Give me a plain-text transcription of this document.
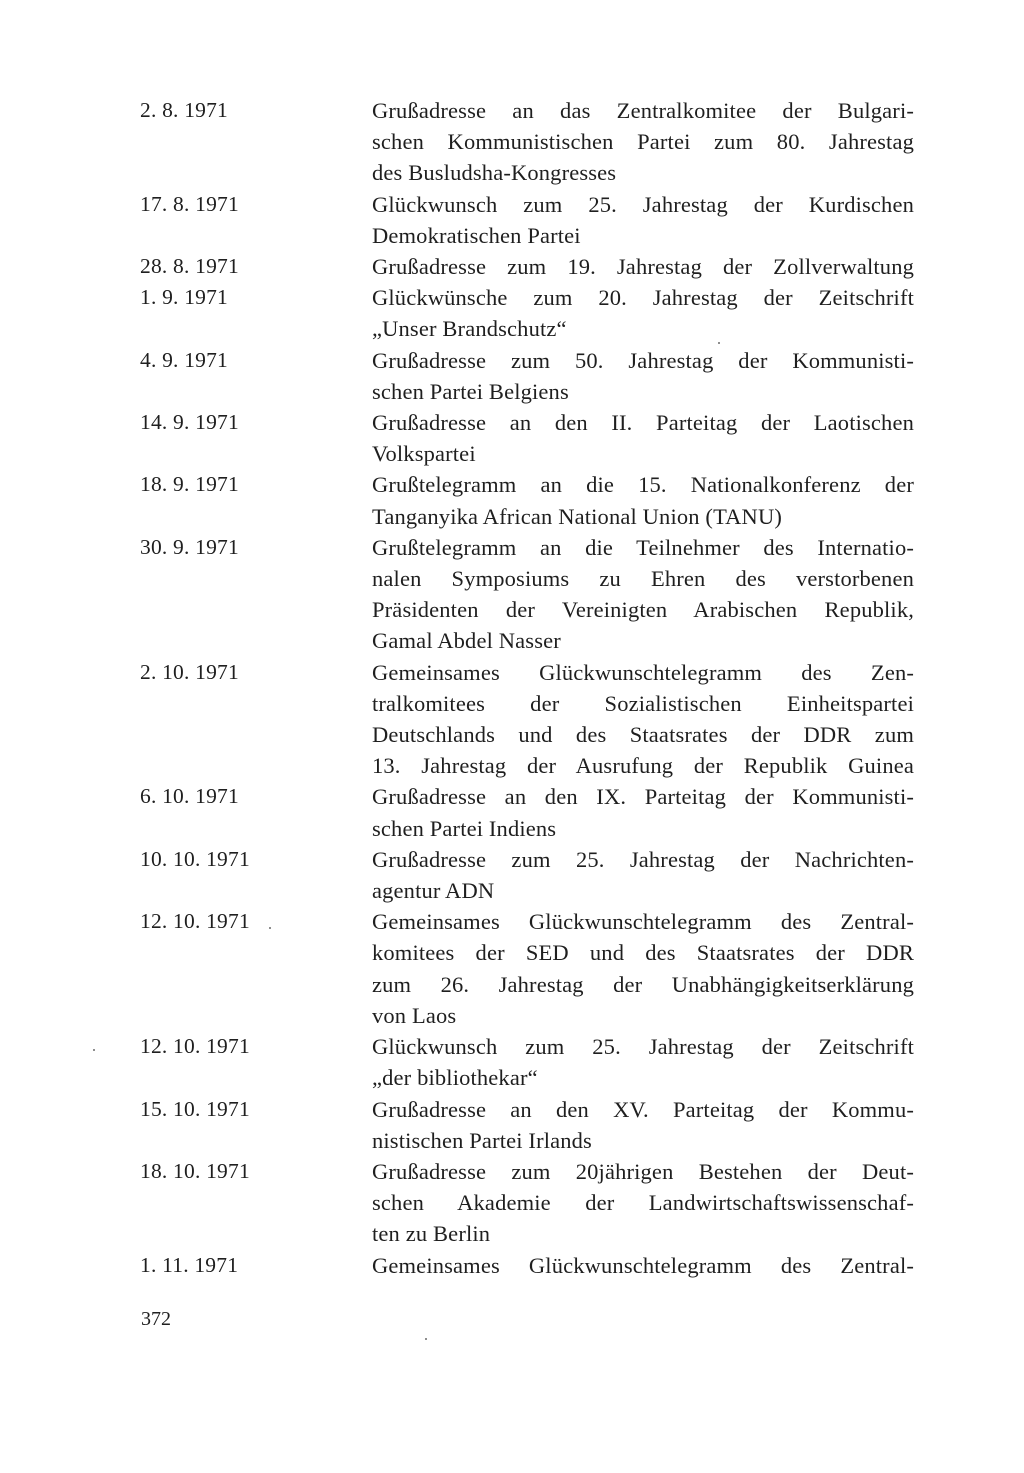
2. 8. 1971	Grußadresse an das Zentralkomitee der Bulgari-
schen Kommunistischen Partei zum 80. Jahrestag
des Busludsha-Kongresses
17. 8. 1971	Glückwunsch zum 25. Jahrestag der Kurdischen
Demokratischen Partei
28. 8. 1971	Grußadresse zum 19. Jahrestag der Zollverwaltung
1. 9. 1971	Glückwünsche zum 20. Jahrestag der Zeitschrift
„Unser Brandschutz“
4. 9. 1971	Grußadresse zum 50. Jahrestag der Kommunisti-
schen Partei Belgiens
14. 9. 1971	Grußadresse an den II. Parteitag der Laotischen
Volkspartei
18. 9. 1971	Grußtelegramm an die 15. Nationalkonferenz der
Tanganyika African National Union (TANU)
30. 9. 1971	Grußtelegramm an die Teilnehmer des Internatio-
nalen Symposiums zu Ehren des verstorbenen
Präsidenten der Vereinigten Arabischen Republik,
Gamal Abdel Nasser
2. 10. 1971	Gemeinsames Glückwunschtelegramm des Zen-
tralkomitees der Sozialistischen Einheitspartei
Deutschlands und des Staatsrates der DDR zum
13. Jahrestag der Ausrufung der Republik Guinea
6. 10. 1971	Grußadresse an den IX. Parteitag der Kommunisti-
schen Partei Indiens
10. 10. 1971	Grußadresse zum 25. Jahrestag der Nachrichten-
agentur ADN
12. 10. 1971	Gemeinsames Glückwunschtelegramm des Zentral-
komitees der SED und des Staatsrates der DDR
zum 26. Jahrestag der Unabhängigkeitserklärung
von Laos
12. 10. 1971	Glückwunsch zum 25. Jahrestag der Zeitschrift
„der bibliothekar“
15. 10. 1971	Grußadresse an den XV. Parteitag der Kommu-
nistischen Partei Irlands
18. 10. 1971	Grußadresse zum 20jährigen Bestehen der Deut-
schen Akademie der Landwirtschaftswissenschaf-
ten zu Berlin
1. 11. 1971	Gemeinsames Glückwunschtelegramm des Zentral-
372
